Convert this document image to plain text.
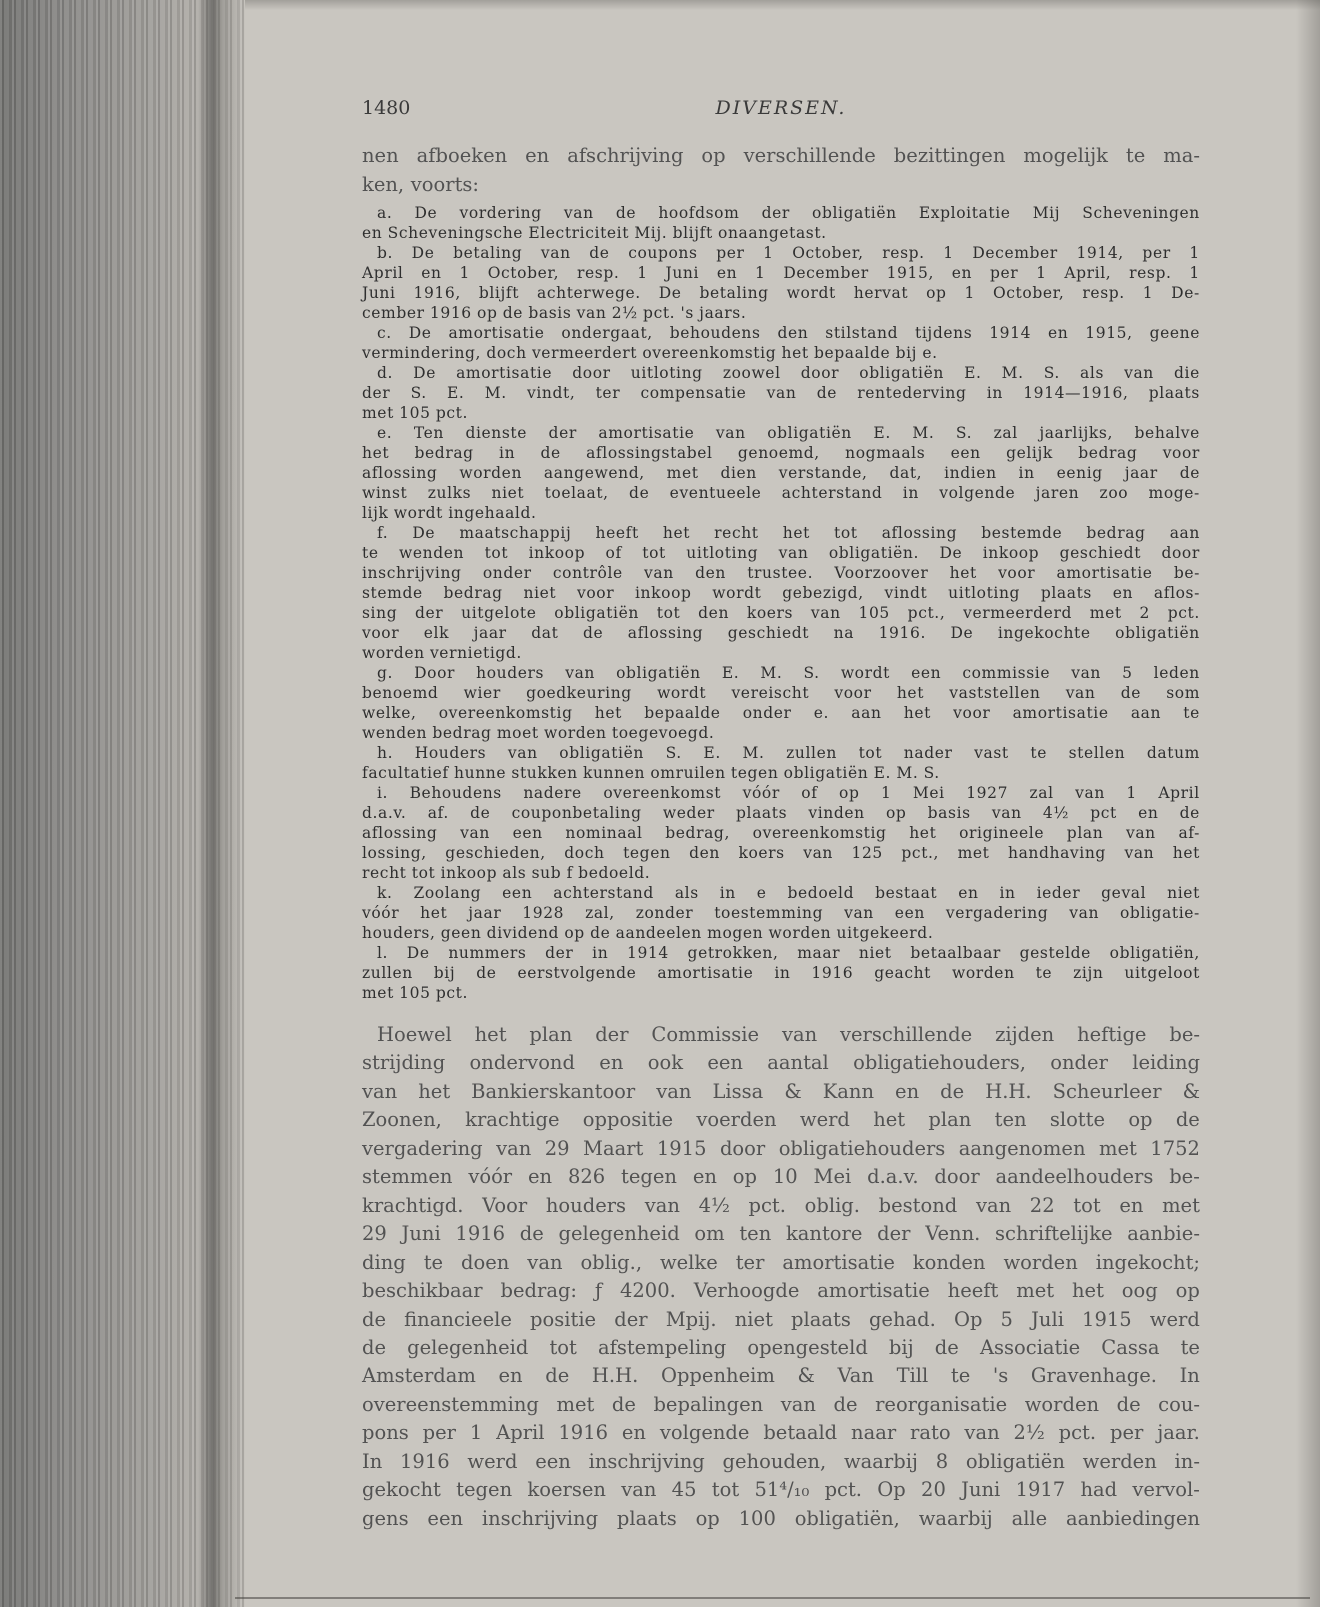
1480	DIVERSEN.
nen afboeken en afschrijving op verschillende bezittingen mogelijk te ma-
ken, voorts:
a. De vordering van de hoofdsom der obligatiën Exploitatie Mij Scheveningen
en Scheveningsche Electriciteit Mij. blijft onaangetast.
b. De betaling van de coupons per 1 October, resp. 1 December 1914, per 1
April en 1 October, resp. 1 Juni en 1 December 1915, en per 1 April, resp. 1
Juni 1916, blijft achterwege. De betaling wordt hervat op 1 October, resp. 1 De-
cember 1916 op de basis van 2½ pct. 's jaars.
c. De amortisatie ondergaat, behoudens den stilstand tijdens 1914 en 1915, geene
vermindering, doch vermeerdert overeenkomstig het bepaalde bij e.
d. De amortisatie door uitloting zoowel door obligatiën E. M. S. als van die
der S. E. M. vindt, ter compensatie van de rentederving in 1914—1916, plaats
met 105 pct.
e. Ten dienste der amortisatie van obligatiën E. M. S. zal jaarlijks, behalve
het bedrag in de aflossingstabel genoemd, nogmaals een gelijk bedrag voor
aflossing worden aangewend, met dien verstande, dat, indien in eenig jaar de
winst zulks niet toelaat, de eventueele achterstand in volgende jaren zoo moge-
lijk wordt ingehaald.
f. De maatschappij heeft het recht het tot aflossing bestemde bedrag aan
te wenden tot inkoop of tot uitloting van obligatiën. De inkoop geschiedt door
inschrijving onder contrôle van den trustee. Voorzoover het voor amortisatie be-
stemde bedrag niet voor inkoop wordt gebezigd, vindt uitloting plaats en aflos-
sing der uitgelote obligatiën tot den koers van 105 pct., vermeerderd met 2 pct.
voor elk jaar dat de aflossing geschiedt na 1916. De ingekochte obligatiën
worden vernietigd.
g. Door houders van obligatiën E. M. S. wordt een commissie van 5 leden
benoemd wier goedkeuring wordt vereischt voor het vaststellen van de som
welke, overeenkomstig het bepaalde onder e. aan het voor amortisatie aan te
wenden bedrag moet worden toegevoegd.
h. Houders van obligatiën S. E. M. zullen tot nader vast te stellen datum
facultatief hunne stukken kunnen omruilen tegen obligatiën E. M. S.
i. Behoudens nadere overeenkomst vóór of op 1 Mei 1927 zal van 1 April
d.a.v. af. de couponbetaling weder plaats vinden op basis van 4½ pct en de
aflossing van een nominaal bedrag, overeenkomstig het origineele plan van af-
lossing, geschieden, doch tegen den koers van 125 pct., met handhaving van het
recht tot inkoop als sub f bedoeld.
k. Zoolang een achterstand als in e bedoeld bestaat en in ieder geval niet
vóór het jaar 1928 zal, zonder toestemming van een vergadering van obligatie-
houders, geen dividend op de aandeelen mogen worden uitgekeerd.
l. De nummers der in 1914 getrokken, maar niet betaalbaar gestelde obligatiën,
zullen bij de eerstvolgende amortisatie in 1916 geacht worden te zijn uitgeloot
met 105 pct.
Hoewel het plan der Commissie van verschillende zijden heftige be-
strijding ondervond en ook een aantal obligatiehouders, onder leiding
van het Bankierskantoor van Lissa & Kann en de H.H. Scheurleer &
Zoonen, krachtige oppositie voerden werd het plan ten slotte op de
vergadering van 29 Maart 1915 door obligatiehouders aangenomen met 1752
stemmen vóór en 826 tegen en op 10 Mei d.a.v. door aandeelhouders be-
krachtigd. Voor houders van 4½ pct. oblig. bestond van 22 tot en met
29 Juni 1916 de gelegenheid om ten kantore der Venn. schriftelijke aanbie-
ding te doen van oblig., welke ter amortisatie konden worden ingekocht;
beschikbaar bedrag: ƒ 4200. Verhoogde amortisatie heeft met het oog op
de financieele positie der Mpij. niet plaats gehad. Op 5 Juli 1915 werd
de gelegenheid tot afstempeling opengesteld bij de Associatie Cassa te
Amsterdam en de H.H. Oppenheim & Van Till te 's Gravenhage. In
overeenstemming met de bepalingen van de reorganisatie worden de cou-
pons per 1 April 1916 en volgende betaald naar rato van 2½ pct. per jaar.
In 1916 werd een inschrijving gehouden, waarbij 8 obligatiën werden in-
gekocht tegen koersen van 45 tot 51⁴/₁₀ pct. Op 20 Juni 1917 had vervol-
gens een inschrijving plaats op 100 obligatiën, waarbij alle aanbiedingen
